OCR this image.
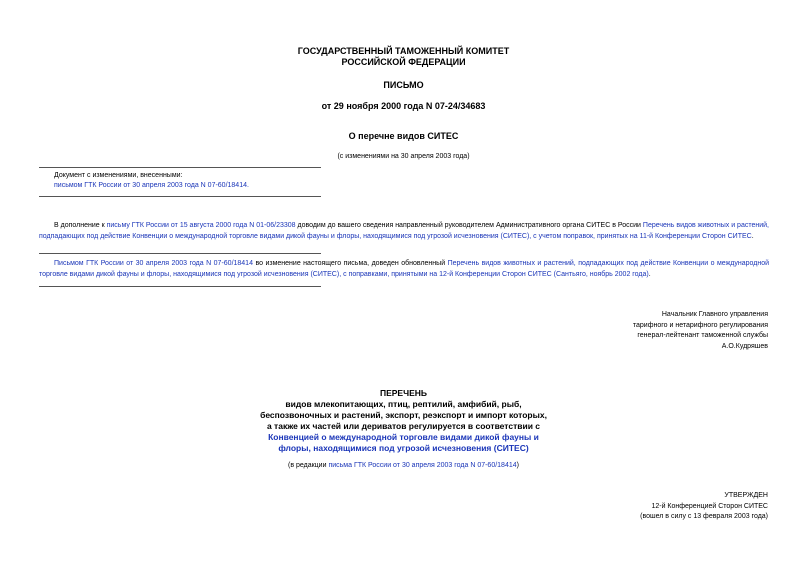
ГОСУДАРСТВЕННЫЙ ТАМОЖЕННЫЙ КОМИТЕТ
РОССИЙСКОЙ ФЕДЕРАЦИИ
ПИСЬМО
от 29 ноября 2000 года N 07-24/34683
О перечне видов СИТЕС
(с изменениями на 30 апреля 2003 года)
Документ с изменениями, внесенными:
письмом ГТК России от 30 апреля 2003 года N 07-60/18414.
В дополнение к письму ГТК России от 15 августа 2000 года N 01-06/23308 доводим до вашего сведения направленный руководителем Административного органа СИТЕС в России Перечень видов животных и растений, подпадающих под действие Конвенции о международной торговле видами дикой фауны и флоры, находящимися под угрозой исчезновения (СИТЕС), с учетом поправок, принятых на 11-й Конференции Сторон СИТЕС.
Письмом ГТК России от 30 апреля 2003 года N 07-60/18414 во изменение настоящего письма, доведен обновленный Перечень видов животных и растений, подпадающих под действие Конвенции о международной торговле видами дикой фауны и флоры, находящимися под угрозой исчезновения (СИТЕС), с поправками, принятыми на 12-й Конференции Сторон СИТЕС (Сантьяго, ноябрь 2002 года).
Начальник Главного управления
тарифного и нетарифного регулирования
генерал-лейтенант таможенной службы
А.О.Кудряшев
ПЕРЕЧЕНЬ
видов млекопитающих, птиц, рептилий, амфибий, рыб,
беспозвоночных и растений, экспорт, реэкспорт и импорт которых,
а также их частей или дериватов регулируется в соответствии с
Конвенцией о международной торговле видами дикой фауны и
флоры, находящимися под угрозой исчезновения (СИТЕС)
(в редакции письма ГТК России от 30 апреля 2003 года N 07-60/18414)
УТВЕРЖДЕН
12-й Конференцией Сторон СИТЕС
(вошел в силу с 13 февраля 2003 года)
